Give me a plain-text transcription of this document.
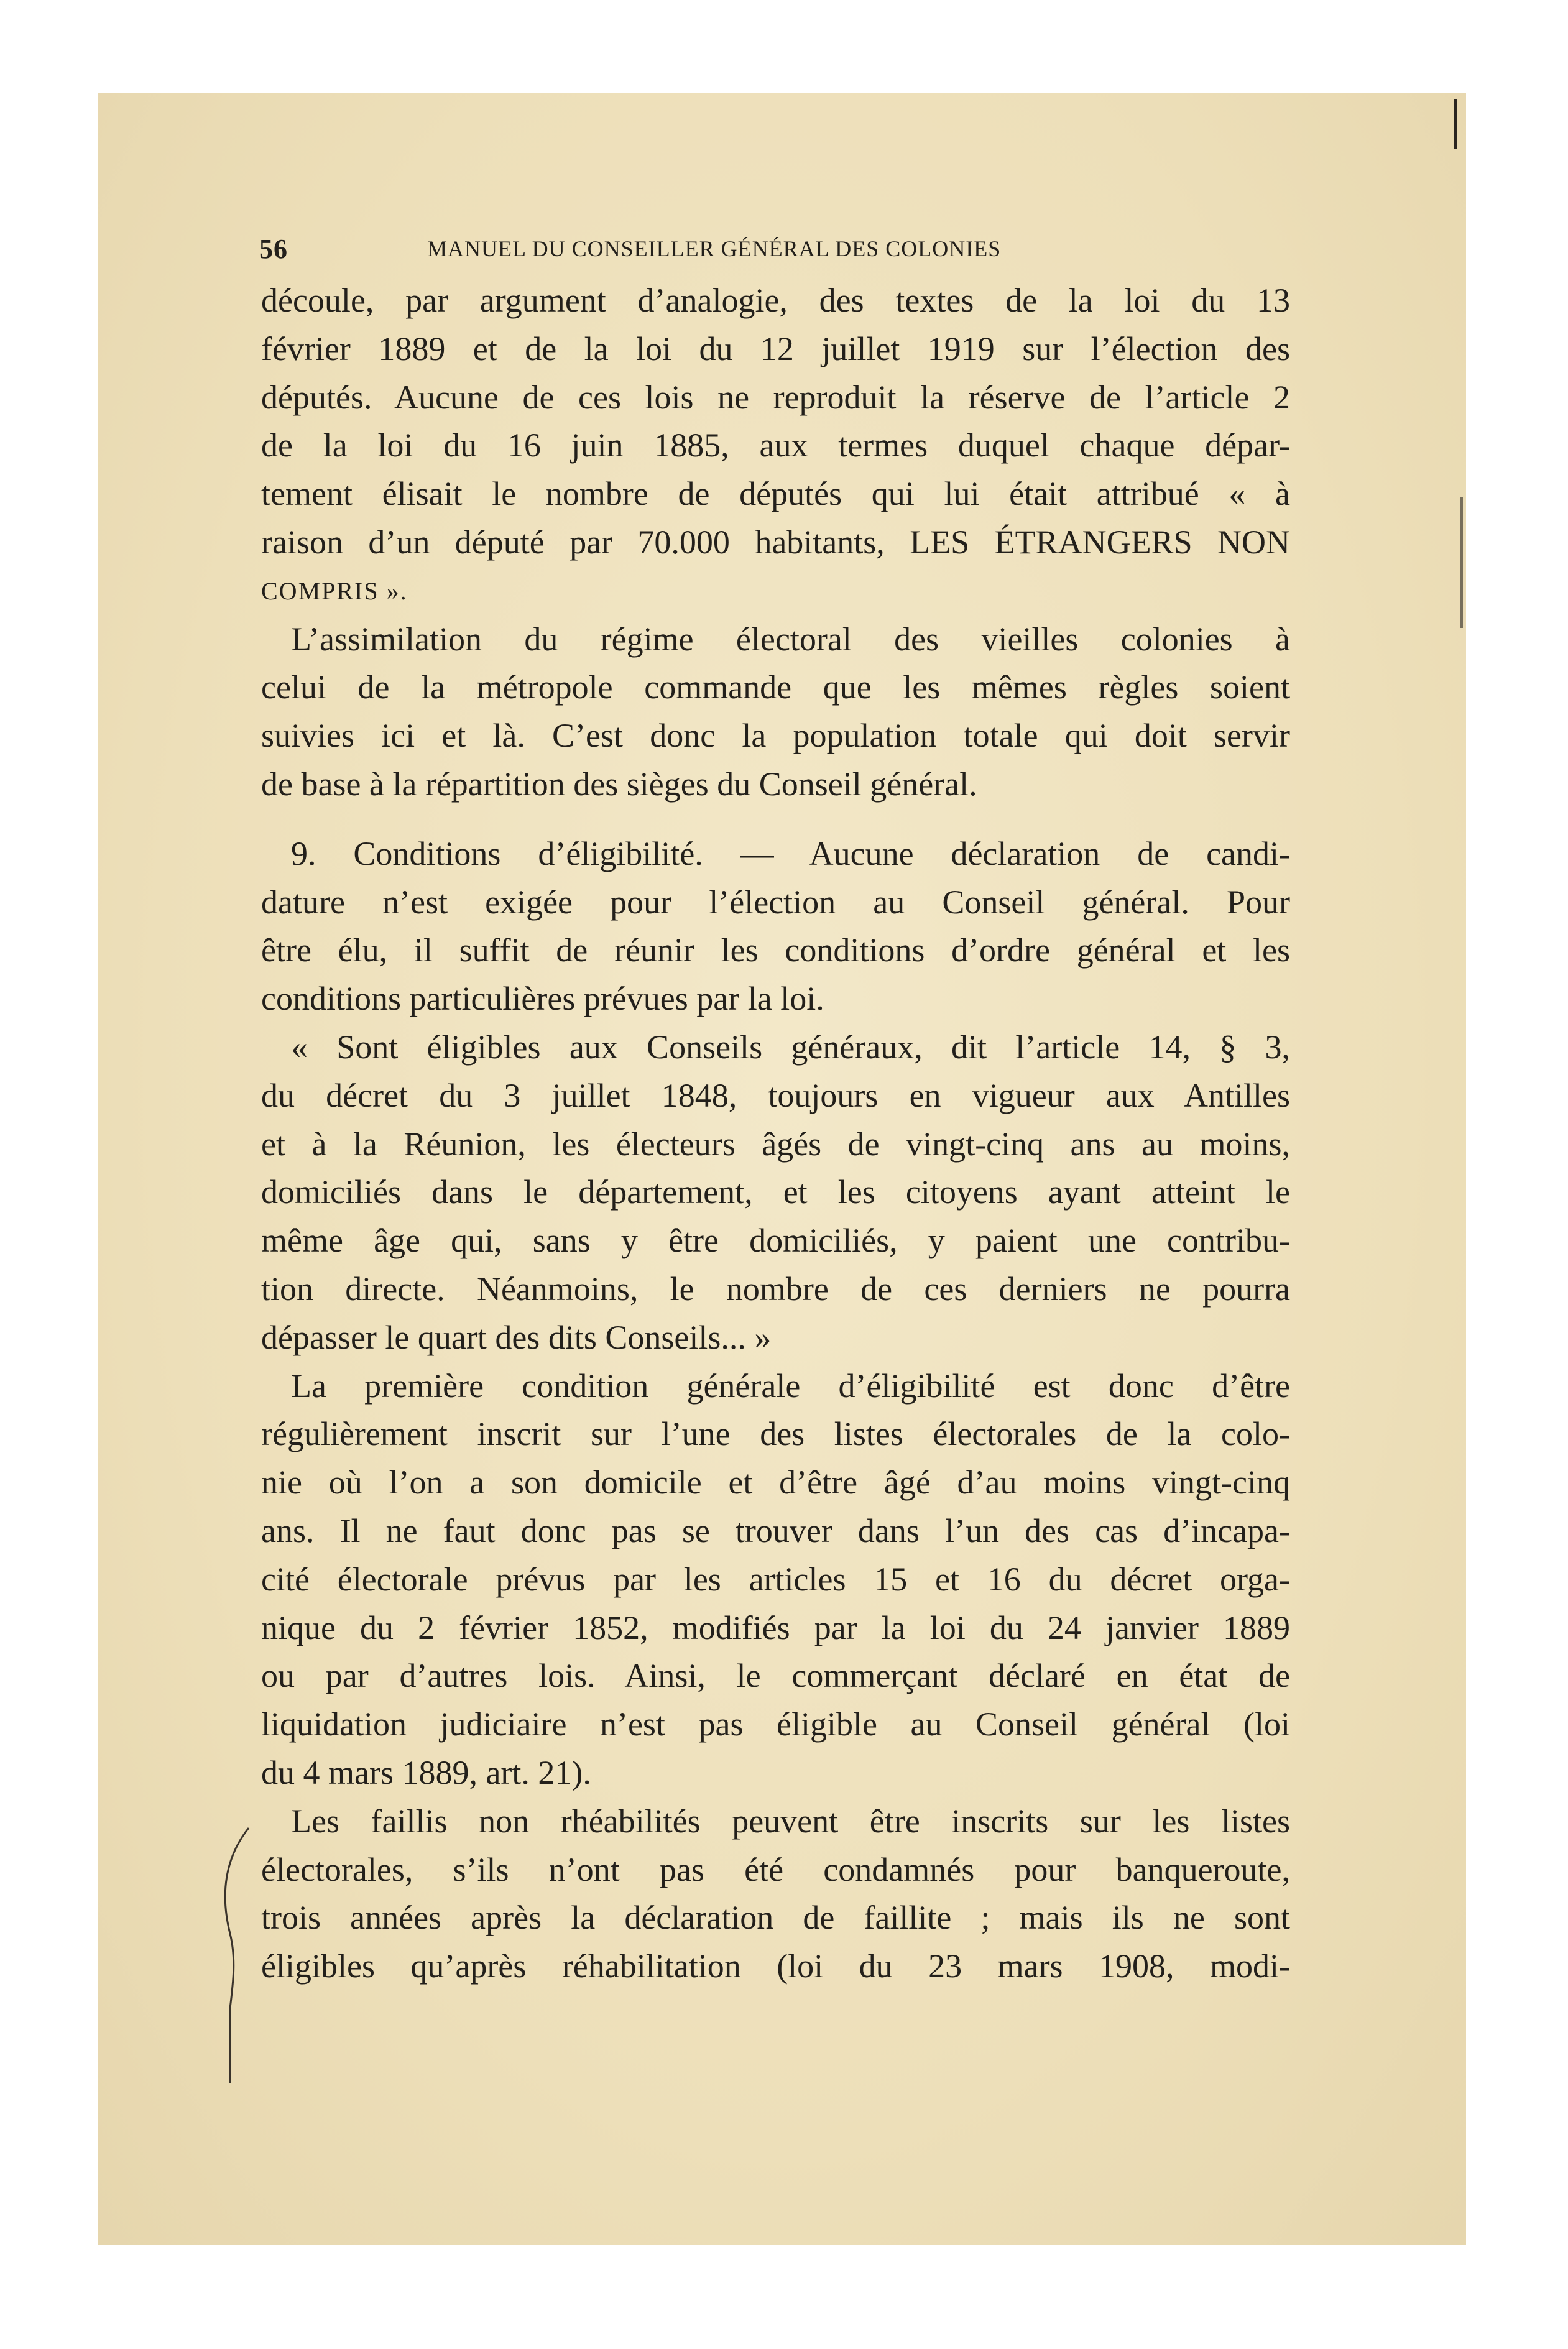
56	MANUEL DU CONSEILLER GÉNÉRAL DES COLONIES
découle, par argument d’analogie, des textes de la loi du 13
février 1889 et de la loi du 12 juillet 1919 sur l’élection des
députés. Aucune de ces lois ne reproduit la réserve de l’article 2
de la loi du 16 juin 1885, aux termes duquel chaque dépar-
tement élisait le nombre de députés qui lui était attribué « à
raison d’un député par 70.000 habitants, LES ÉTRANGERS NON
COMPRIS ».
L’assimilation du régime électoral des vieilles colonies à
celui de la métropole commande que les mêmes règles soient
suivies ici et là. C’est donc la population totale qui doit servir
de base à la répartition des sièges du Conseil général.
9. Conditions d’éligibilité. — Aucune déclaration de candi-
dature n’est exigée pour l’élection au Conseil général. Pour
être élu, il suffit de réunir les conditions d’ordre général et les
conditions particulières prévues par la loi.
« Sont éligibles aux Conseils généraux, dit l’article 14, § 3,
du décret du 3 juillet 1848, toujours en vigueur aux Antilles
et à la Réunion, les électeurs âgés de vingt-cinq ans au moins,
domiciliés dans le département, et les citoyens ayant atteint le
même âge qui, sans y être domiciliés, y paient une contribu-
tion directe. Néanmoins, le nombre de ces derniers ne pourra
dépasser le quart des dits Conseils... »
La première condition générale d’éligibilité est donc d’être
régulièrement inscrit sur l’une des listes électorales de la colo-
nie où l’on a son domicile et d’être âgé d’au moins vingt-cinq
ans. Il ne faut donc pas se trouver dans l’un des cas d’incapa-
cité électorale prévus par les articles 15 et 16 du décret orga-
nique du 2 février 1852, modifiés par la loi du 24 janvier 1889
ou par d’autres lois. Ainsi, le commerçant déclaré en état de
liquidation judiciaire n’est pas éligible au Conseil général (loi
du 4 mars 1889, art. 21).
Les faillis non rhéabilités peuvent être inscrits sur les listes
électorales, s’ils n’ont pas été condamnés pour banqueroute,
trois années après la déclaration de faillite ; mais ils ne sont
éligibles qu’après réhabilitation (loi du 23 mars 1908, modi-
